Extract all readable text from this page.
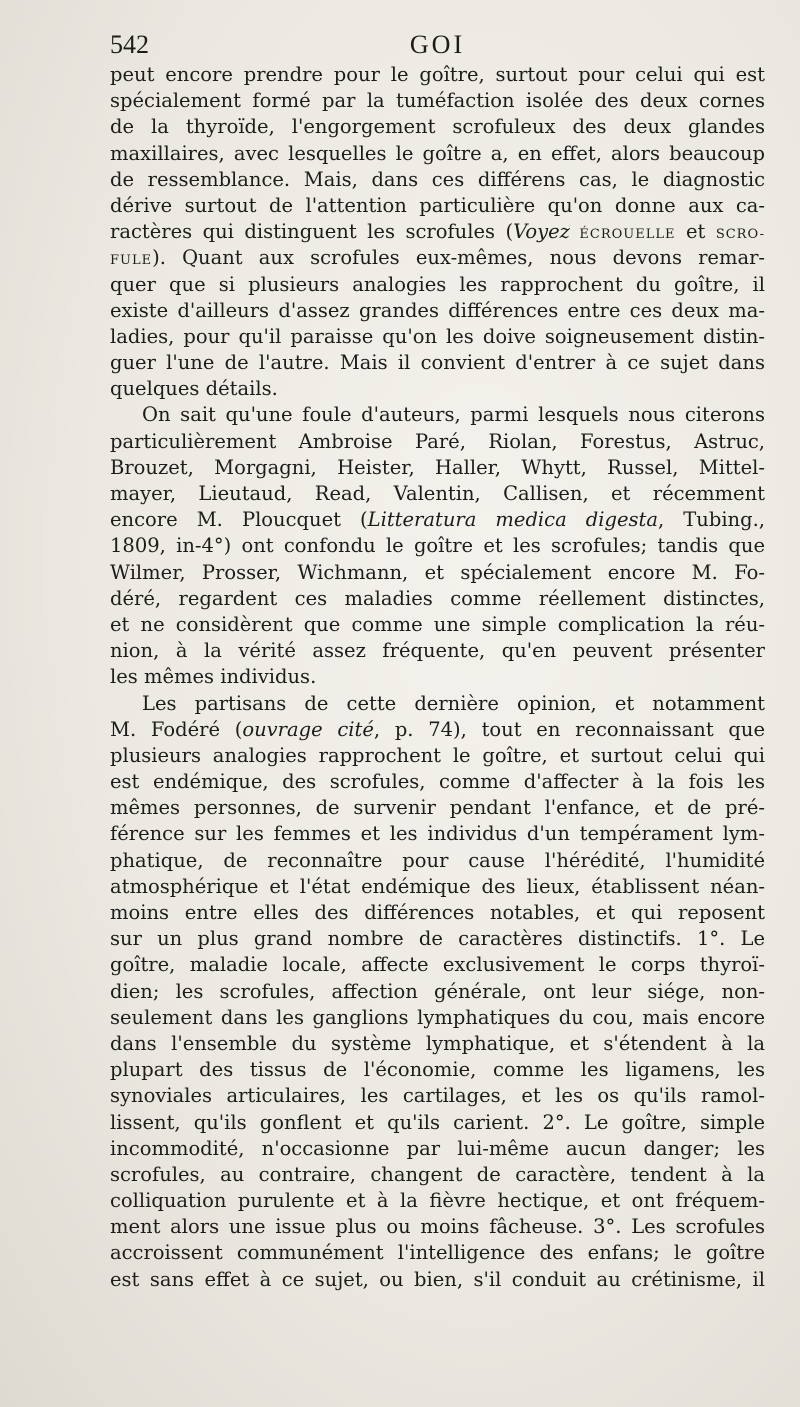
542	GOI
peut encore prendre pour le goître, surtout pour celui qui est
spécialement formé par la tuméfaction isolée des deux cornes
de la thyroïde, l'engorgement scrofuleux des deux glandes
maxillaires, avec lesquelles le goître a, en effet, alors beaucoup
de ressemblance. Mais, dans ces différens cas, le diagnostic
dérive surtout de l'attention particulière qu'on donne aux ca-
ractères qui distinguent les scrofules (Voyez ÉCROUELLE et SCRO-
FULE). Quant aux scrofules eux-mêmes, nous devons remar-
quer que si plusieurs analogies les rapprochent du goître, il
existe d'ailleurs d'assez grandes différences entre ces deux ma-
ladies, pour qu'il paraisse qu'on les doive soigneusement distin-
guer l'une de l'autre. Mais il convient d'entrer à ce sujet dans
quelques détails.
On sait qu'une foule d'auteurs, parmi lesquels nous citerons
particulièrement Ambroise Paré, Riolan, Forestus, Astruc,
Brouzet, Morgagni, Heister, Haller, Whytt, Russel, Mittel-
mayer, Lieutaud, Read, Valentin, Callisen, et récemment
encore M. Ploucquet (Litteratura medica digesta, Tubing.,
1809, in-4°) ont confondu le goître et les scrofules; tandis que
Wilmer, Prosser, Wichmann, et spécialement encore M. Fo-
déré, regardent ces maladies comme réellement distinctes,
et ne considèrent que comme une simple complication la réu-
nion, à la vérité assez fréquente, qu'en peuvent présenter
les mêmes individus.
Les partisans de cette dernière opinion, et notamment
M. Fodéré (ouvrage cité, p. 74), tout en reconnaissant que
plusieurs analogies rapprochent le goître, et surtout celui qui
est endémique, des scrofules, comme d'affecter à la fois les
mêmes personnes, de survenir pendant l'enfance, et de pré-
férence sur les femmes et les individus d'un tempérament lym-
phatique, de reconnaître pour cause l'hérédité, l'humidité
atmosphérique et l'état endémique des lieux, établissent néan-
moins entre elles des différences notables, et qui reposent
sur un plus grand nombre de caractères distinctifs. 1°. Le
goître, maladie locale, affecte exclusivement le corps thyroï-
dien; les scrofules, affection générale, ont leur siége, non-
seulement dans les ganglions lymphatiques du cou, mais encore
dans l'ensemble du système lymphatique, et s'étendent à la
plupart des tissus de l'économie, comme les ligamens, les
synoviales articulaires, les cartilages, et les os qu'ils ramol-
lissent, qu'ils gonflent et qu'ils carient. 2°. Le goître, simple
incommodité, n'occasionne par lui-même aucun danger; les
scrofules, au contraire, changent de caractère, tendent à la
colliquation purulente et à la fièvre hectique, et ont fréquem-
ment alors une issue plus ou moins fâcheuse. 3°. Les scrofules
accroissent communément l'intelligence des enfans; le goître
est sans effet à ce sujet, ou bien, s'il conduit au crétinisme, il
